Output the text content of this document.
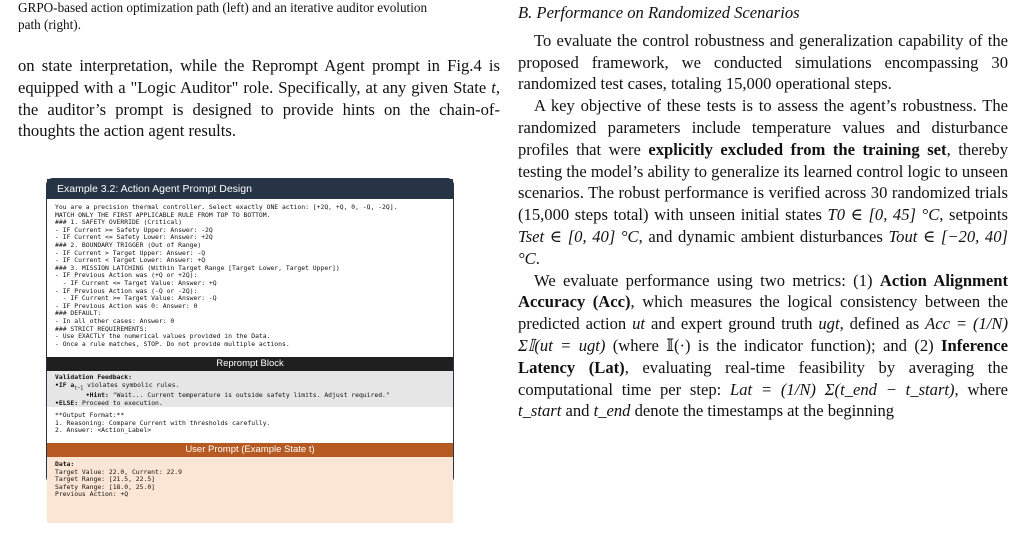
GRPO-based action optimization path (left) and an iterative auditor evolution
path (right).

on state interpretation, while the Reprompt Agent prompt in Fig.4 is equipped with a "Logic Auditor" role. Specifically, at any given State t, the auditor’s prompt is designed to provide hints on the chain-of-thoughts the action agent results.

Example 3.2: Action Agent Prompt Design
You are a precision thermal controller. Select exactly ONE action: [+2Q, +Q, 0, -Q, -2Q].
MATCH ONLY THE FIRST APPLICABLE RULE FROM TOP TO BOTTOM.
### 1. SAFETY OVERRIDE (Critical)
- IF Current >= Safety Upper: Answer: -2Q
- IF Current <= Safety Lower: Answer: +2Q
### 2. BOUNDARY TRIGGER (Out of Range)
- IF Current > Target Upper: Answer: -Q
- IF Current < Target Lower: Answer: +Q
### 3. MISSION LATCHING (Within Target Range [Target Lower, Target Upper])
- IF Previous Action was (+Q or +2Q):
- IF Current <= Target Value: Answer: +Q
- IF Previous Action was (-Q or -2Q):
- IF Current >= Target Value: Answer: -Q
- IF Previous Action was 0: Answer: 0
### DEFAULT:
- In all other cases: Answer: 0
### STRICT REQUIREMENTS:
- Use EXACTLY the numerical values provided in the Data.
- Once a rule matches, STOP. Do not provide multiple actions.
Reprompt Block
Validation Feedback:
•IF $a_{t-1}$ violates symbolic rules.
•Hint: "Wait... Current temperature is outside safety limits. Adjust required."
•ELSE: Proceed to execution.
**Output Format:**
1. Reasoning: Compare Current with thresholds carefully.
2. Answer: <Action_Label>
User Prompt (Example State t)
Data:

Target Value: 22.0, Current: 22.9
Target Range: [21.5, 22.5]
Safety Range: [18.0, 25.0]
Previous Action: +Q

B. Performance on Randomized Scenarios

To evaluate the control robustness and generalization capability of the proposed framework, we conducted simulations encompassing 30 randomized test cases, totaling 15,000 operational steps.

A key objective of these tests is to assess the agent’s robustness. The randomized parameters include temperature values and disturbance profiles that were explicitly excluded from the training set, thereby testing the model’s ability to generalize its learned control logic to unseen scenarios. The robust performance is verified across 30 randomized trials (15,000 steps total) with unseen initial states T0 ∈ [0, 45] °C, setpoints Tset ∈ [0, 40] °C, and dynamic ambient disturbances Tout ∈ [−20, 40] °C.

We evaluate performance using two metrics: (1) Action Alignment Accuracy (Acc), which measures the logical consistency between the predicted action ut and expert ground truth ugt, defined as Acc = (1/N) Σ𝕀(ut = ugt) (where 𝕀(·) is the indicator function); and (2) Inference Latency (Lat), evaluating real-time feasibility by averaging the computational time per step: Lat = (1/N) Σ(t_end − t_start), where t_start and t_end denote the timestamps at the beginning
